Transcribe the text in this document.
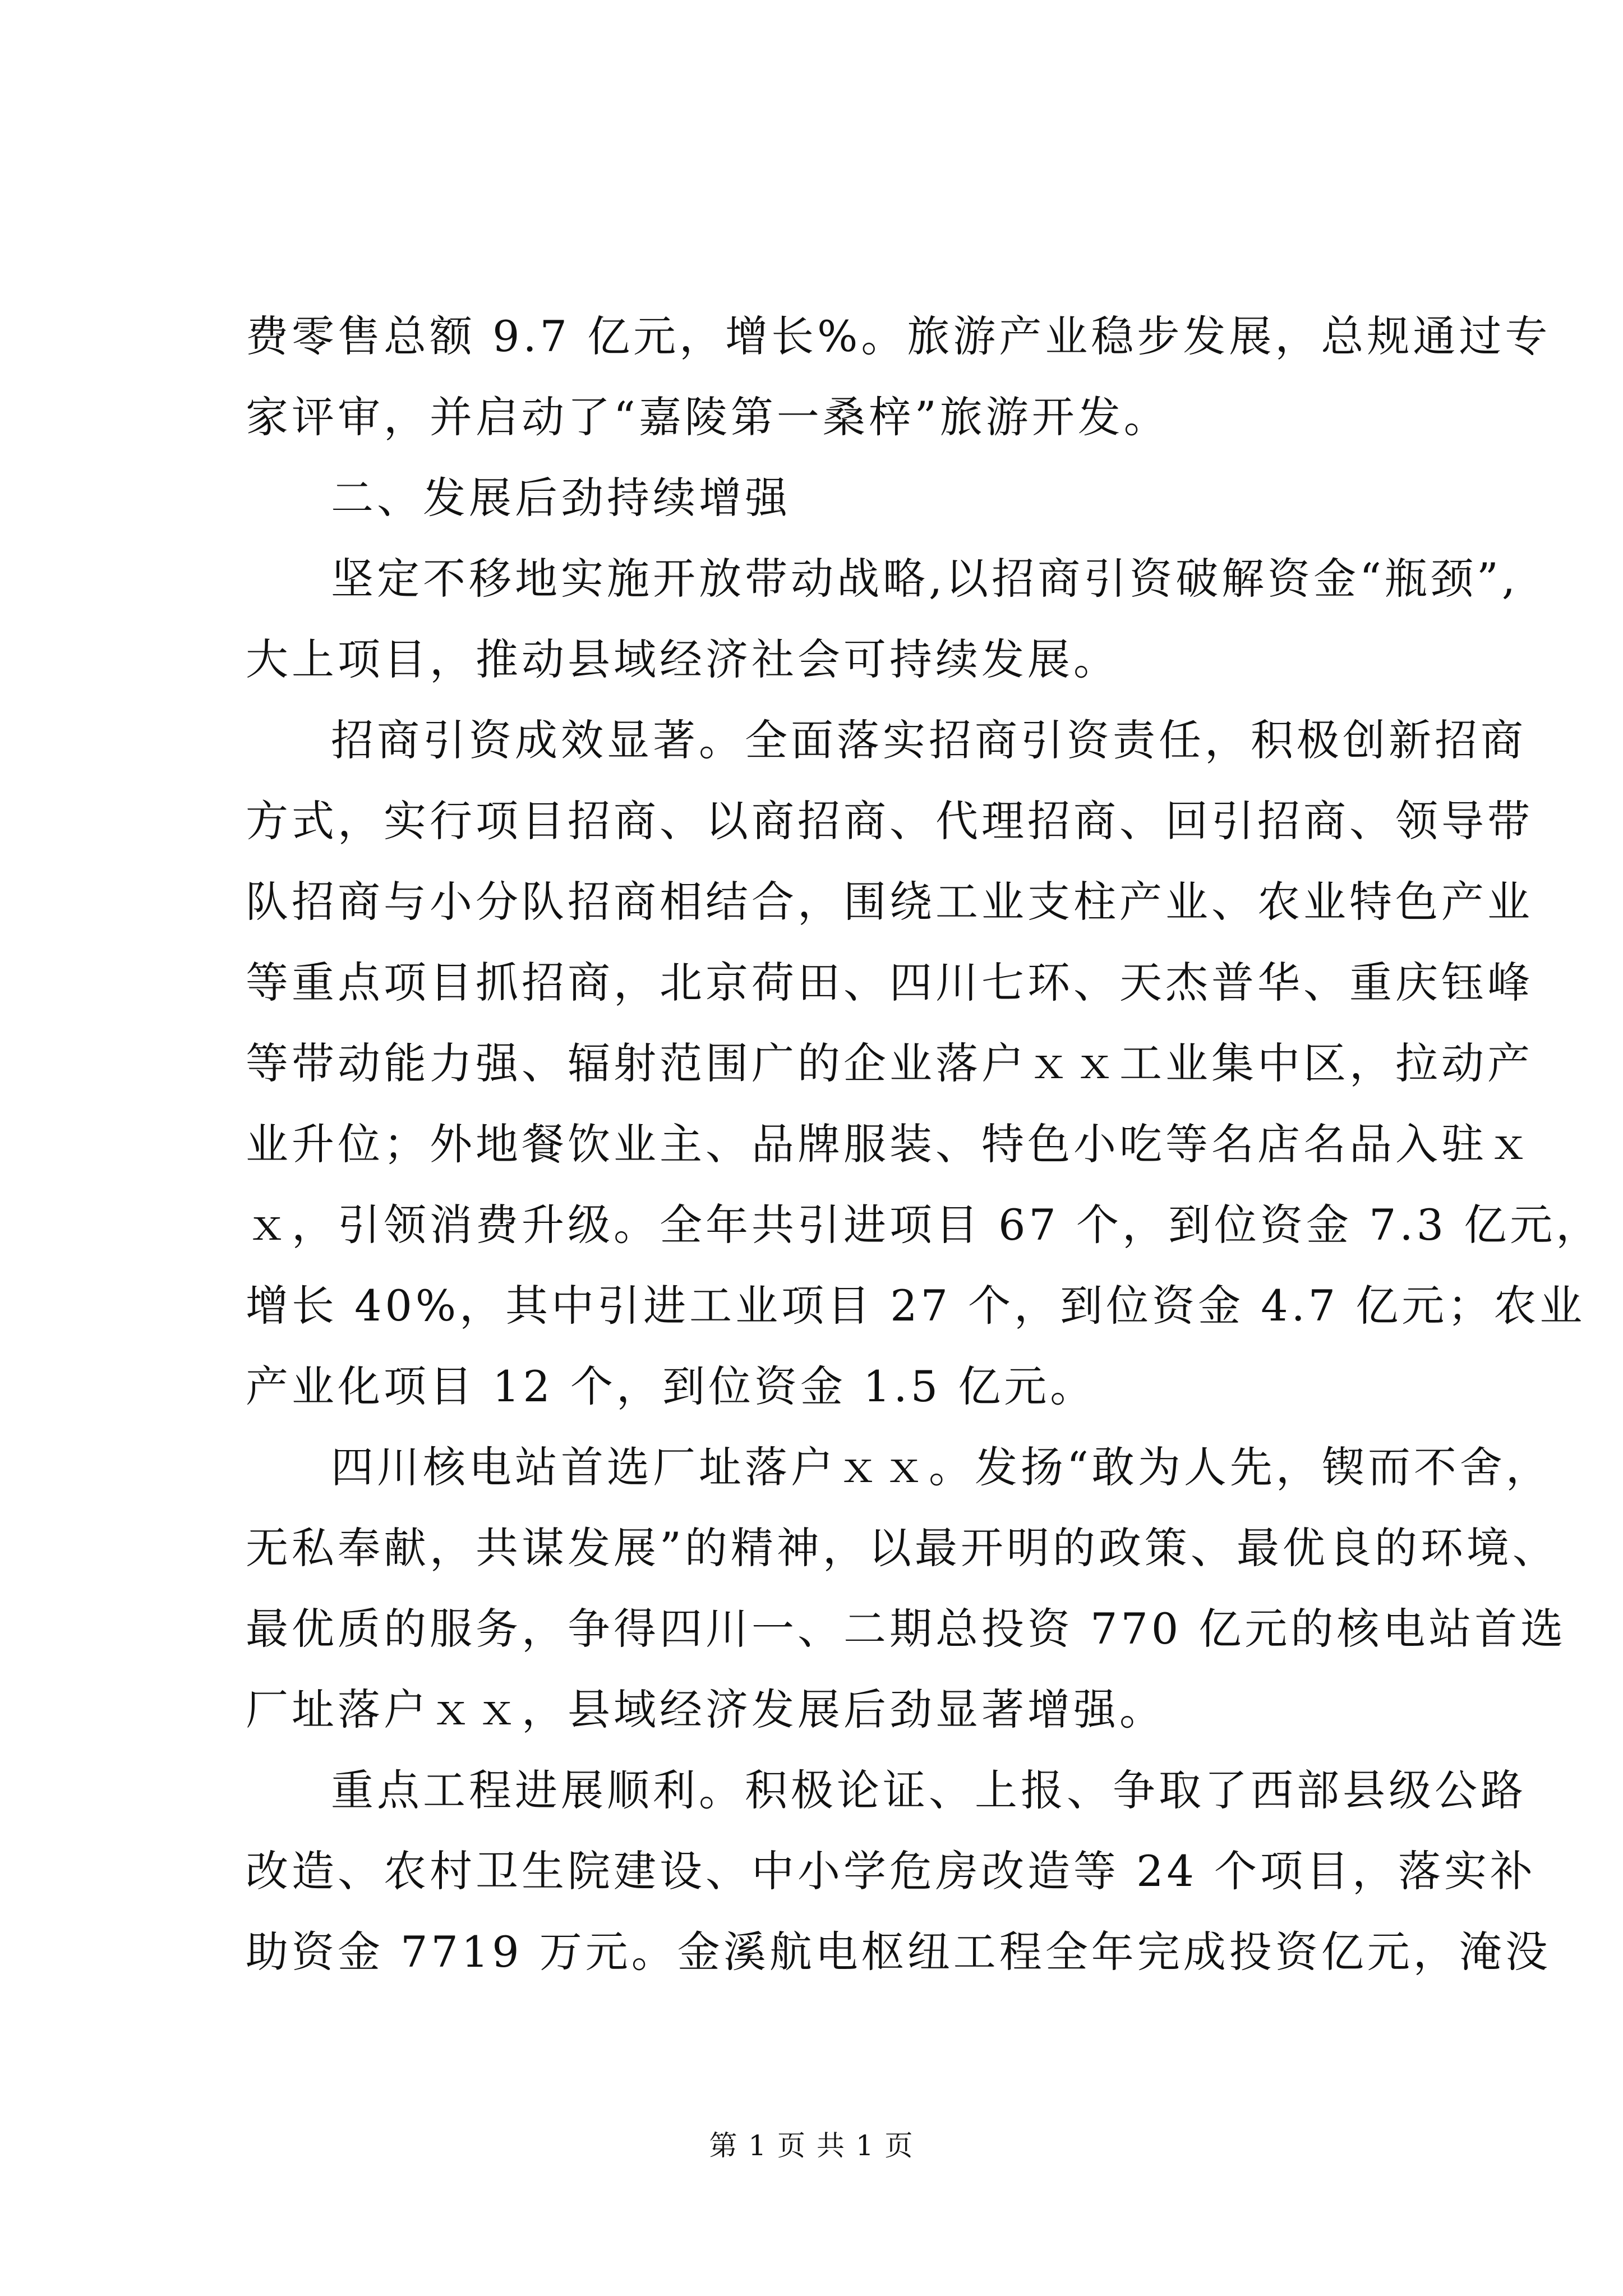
费零售总额 9.7 亿元，增长%。旅游产业稳步发展，总规通过专
家评审，并启动了“嘉陵第一桑梓”旅游开发。
二、发展后劲持续增强
坚定不移地实施开放带动战略,以招商引资破解资金“瓶颈”,
大上项目，推动县域经济社会可持续发展。
招商引资成效显著。全面落实招商引资责任，积极创新招商
方式，实行项目招商、以商招商、代理招商、回引招商、领导带
队招商与小分队招商相结合，围绕工业支柱产业、农业特色产业
等重点项目抓招商，北京荷田、四川七环、天杰普华、重庆钰峰
等带动能力强、辐射范围广的企业落户ｘｘ工业集中区，拉动产
业升位；外地餐饮业主、品牌服装、特色小吃等名店名品入驻ｘ
ｘ，引领消费升级。全年共引进项目 67 个，到位资金 7.3 亿元，
增长 40%，其中引进工业项目 27 个，到位资金 4.7 亿元；农业
产业化项目 12 个，到位资金 1.5 亿元。
四川核电站首选厂址落户ｘｘ。发扬“敢为人先，锲而不舍，
无私奉献，共谋发展”的精神，以最开明的政策、最优良的环境、
最优质的服务，争得四川一、二期总投资 770 亿元的核电站首选
厂址落户ｘｘ，县域经济发展后劲显著增强。
重点工程进展顺利。积极论证、上报、争取了西部县级公路
改造、农村卫生院建设、中小学危房改造等 24 个项目，落实补
助资金 7719 万元。金溪航电枢纽工程全年完成投资亿元，淹没
第 1 页 共 1 页
